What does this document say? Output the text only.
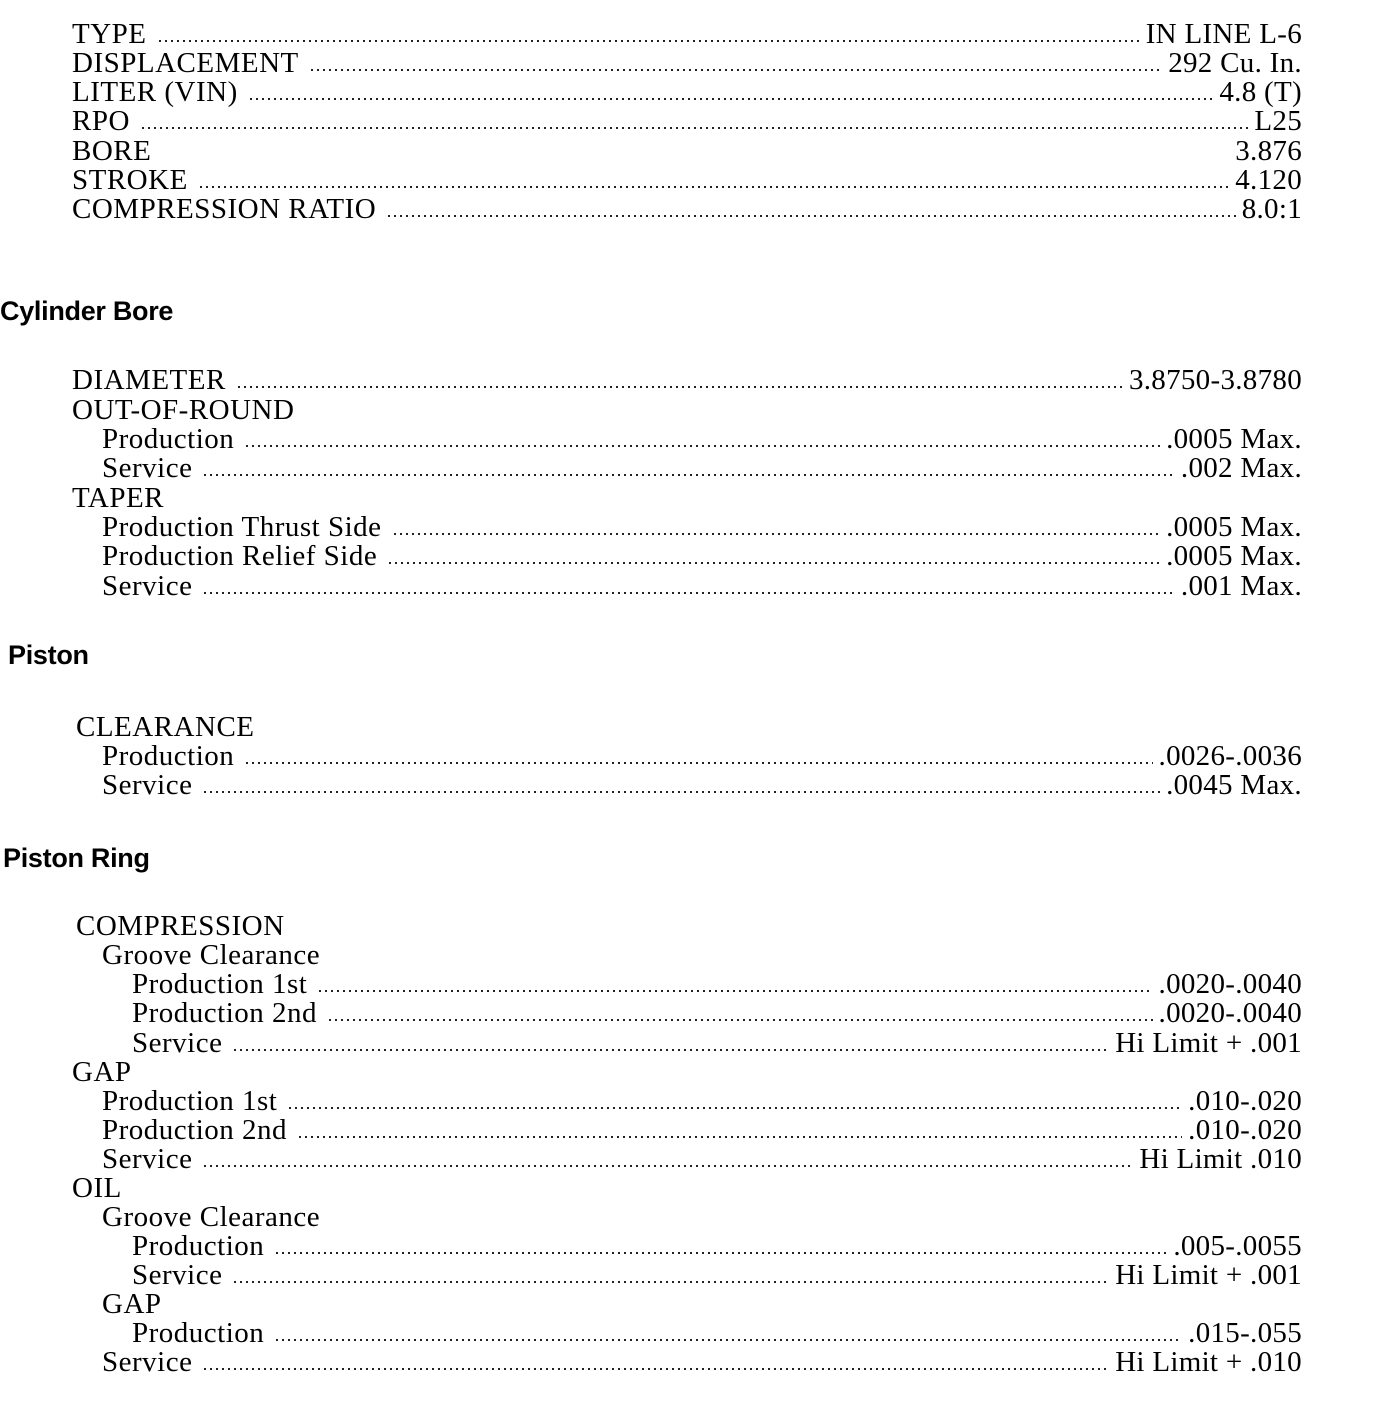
TYPE	IN LINE L-6
DISPLACEMENT	292 Cu. In.
LITER (VIN)	4.8 (T)
RPO	L25
BORE	3.876
STROKE	4.120
COMPRESSION RATIO	8.0:1
Cylinder Bore
DIAMETER	3.8750-3.8780
OUT-OF-ROUND
Production	.0005 Max.
Service	.002 Max.
TAPER
Production Thrust Side	.0005 Max.
Production Relief Side	.0005 Max.
Service	.001 Max.
Piston
CLEARANCE
Production	.0026-.0036
Service	.0045 Max.
Piston Ring
COMPRESSION
Groove Clearance
Production 1st	.0020-.0040
Production 2nd	.0020-.0040
Service	Hi Limit + .001
GAP
Production 1st	.010-.020
Production 2nd	.010-.020
Service	Hi Limit .010
OIL
Groove Clearance
Production	.005-.0055
Service	Hi Limit + .001
GAP
Production	.015-.055
Service	Hi Limit + .010
